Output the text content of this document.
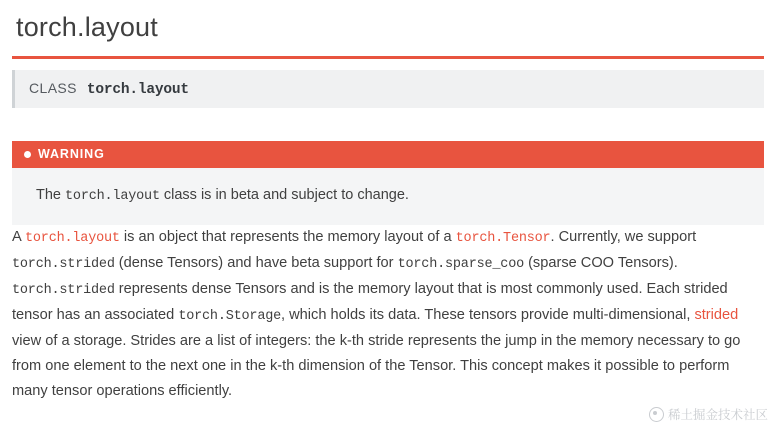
torch.layout
CLASS torch.layout
WARNING
The torch.layout class is in beta and subject to change.

A torch.layout is an object that represents the memory layout of a torch.Tensor. Currently, we support torch.strided (dense Tensors) and have beta support for torch.sparse_coo (sparse COO Tensors).

torch.strided represents dense Tensors and is the memory layout that is most commonly used. Each strided tensor has an associated torch.Storage, which holds its data. These tensors provide multi-dimensional, strided view of a storage. Strides are a list of integers: the k-th stride represents the jump in the memory necessary to go from one element to the next one in the k-th dimension of the Tensor. This concept makes it possible to perform many tensor operations efficiently.

稀土掘金技术社区
